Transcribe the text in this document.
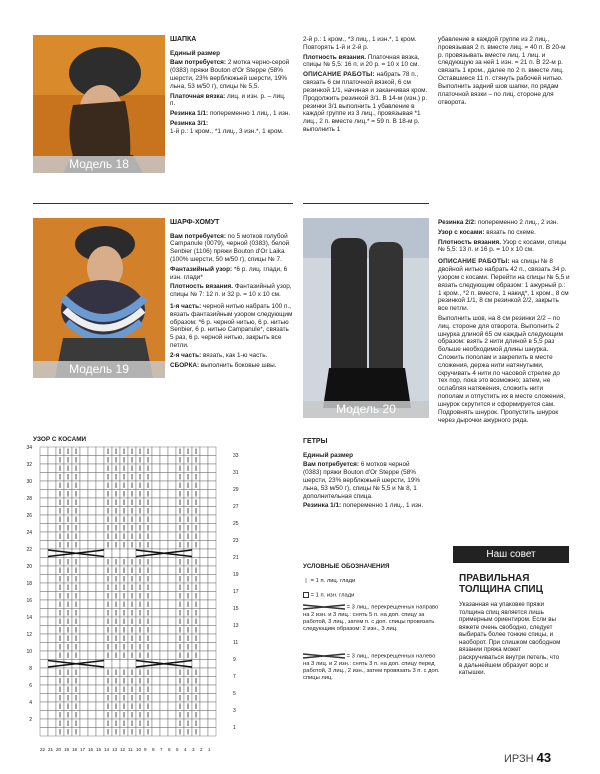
Модель 18
ШАПКА

Единый размер

Вам потребуется: 2 мотка черно-серой (0383) пряжи Bouton d'Or Steppe (58% шерсти, 23% верблюжьей шерсти, 19% льна, 53 м/50 г), спицы № 5,5.

Платочная вязка: лиц. и изн. р. – лиц. п.

Резинка 1/1: попеременно 1 лиц., 1 изн.

Резинка 3/1:
1-й р.: 1 кром., *1 лиц., 3 изн.*, 1 кром.

2-й р.: 1 кром., *3 лиц., 1 изн.*, 1 кром.
Повторять 1-й и 2-й р.

Плотность вязания. Платочная вязка, спицы № 5,5: 16 п. и 20 р. = 10 x 10 см.

ОПИСАНИЕ РАБОТЫ: набрать 78 п., связать 6 см платочной вязкой, 6 см резинкой 1/1, начиная и заканчивая кром. Продолжить резинкой 3/1. В 14-м (изн.) р. резинки 3/1 выполнить 1 убавление в каждой группе из 3 лиц., провязывая *1 лиц., 2 п. вместе лиц.* = 59 п. В 18-м р. выполнить 1

убавление в каждой группе из 2 лиц., провязывая 2 п. вместе лиц. = 40 п. В 20-м р. провязывать вместе лиц. 1 лиц. и следующую за ней 1 изн. = 21 п. В 22-м р. связать 1 кром., далее по 2 п. вместе лиц. Оставшиеся 11 п. стянуть рабочей нитью.
Выполнить задний шов шапки, по рядам платочной вязки – по лиц. стороне для отворота.

Модель 19
ШАРФ-ХОМУТ

Вам потребуется: по 5 мотков голубой Campanule (0079), черной (0383), белой Senbier (1106) пряжи Bouton d'Or Laika (100% шерсти, 50 м/50 г), спицы № 7.

Фантазийный узор: *6 р. лиц. глади, 6 изн. глади*

Плотность вязания. Фантазийный узор, спицы № 7: 12 п. и 32 р. = 10 x 10 см.

1-я часть: черной нитью набрать 100 п., вязать фантазийным узором следующим образом: *6 р. черной нитью, 6 р. нитью Senbier, 6 р. нитью Campanule*, связать 5 раз, 6 р. черной нитью, закрыть все петли.

2-я часть: вязать, как 1-ю часть.

СБОРКА: выполнить боковые швы.

Модель 20

Резинка 2/2: попеременно 2 лиц., 2 изн.

Узор с косами: вязать по схеме.

Плотность вязания. Узор с косами, спицы № 5,5: 13 п. и 16 р. = 10 x 10 см.

ОПИСАНИЕ РАБОТЫ: на спицы № 8 двойной нитью набрать 42 п., связать 34 р. узором с косами. Перейти на спицы № 5,5 и вязать следующим образом: 1 ажурный р.: 1 кром., *2 п. вместе, 1 накид*, 1 кром., 8 см резинкой 1/1, 8 см резинкой 2/2, закрыть все петли.

Выполнить шов, на 8 см резинки 2/2 – по лиц. стороне для отворота. Выполнить 2 шнурка длиной 65 см каждый следующим образом: взять 2 нити длиной в 5,5 раз больше необходимой длины шнурка. Сложить пополам и закрепить в месте сложения, держа нити натянутыми, скручивать 4 нити по часовой стрелке до тех пор, пока это возможно; затем, не ослабляя натяжения, сложить нити пополам и отпустить их в месте сложения, шнурок скрутится и сформируется сам. Подровнять шнурок. Пропустить шнурок через дырочки ажурного ряда.

ГЕТРЫ

Единый размер

Вам потребуется: 6 мотков черной (0383) пряжи Bouton d'Or Steppe (58% шерсти, 23% верблюжьей шерсти, 19% льна, 53 м/50 г), спицы № 5,5 и № 8, 1 дополнительная спица.

Резинка 1/1: попеременно 1 лиц., 1 изн.

УЗОР С КОСАМИ
34
32
30
28
26
24
22
20
18
16
14
12
10
8
6
4
2
33
31
29
27
25
23
21
19
17
15
13
11
9
7
5
3
1
22 21 20 19 18 17 16 15 14 13 12 11 10 9 8 7 6 5 4 3 2 1
УСЛОВНЫЕ ОБОЗНАЧЕНИЯ
| = 1 п. лиц. глади
= 1 п. изн. глади
= 3 лиц., перекрещенных направо на 2 изн. и 3 лиц.: снять 5 п. на доп. спицу за работой, 3 лиц., затем п. с доп. спицы провязать следующим образом: 2 изн., 3 лиц.
= 3 лиц., перекрещенных налево на 3 лиц. и 2 изн.: снять 3 п. на доп. спицу перед работой, 3 лиц., 2 изн., затем провязать 3 п. с доп. спицы лиц.
Наш совет
ПРАВИЛЬНАЯ ТОЛЩИНА СПИЦ
Указанная на упаковке пряжи толщина спиц является лишь примерным ориентиром. Если вы вяжете очень свободно, следует выбирать более тонкие спицы, и наоборот. При слишком свободном вязании пряжа может раскручиваться внутри петель, что в дальнейшем образует ворс и катышки.
ИРЗН 43
